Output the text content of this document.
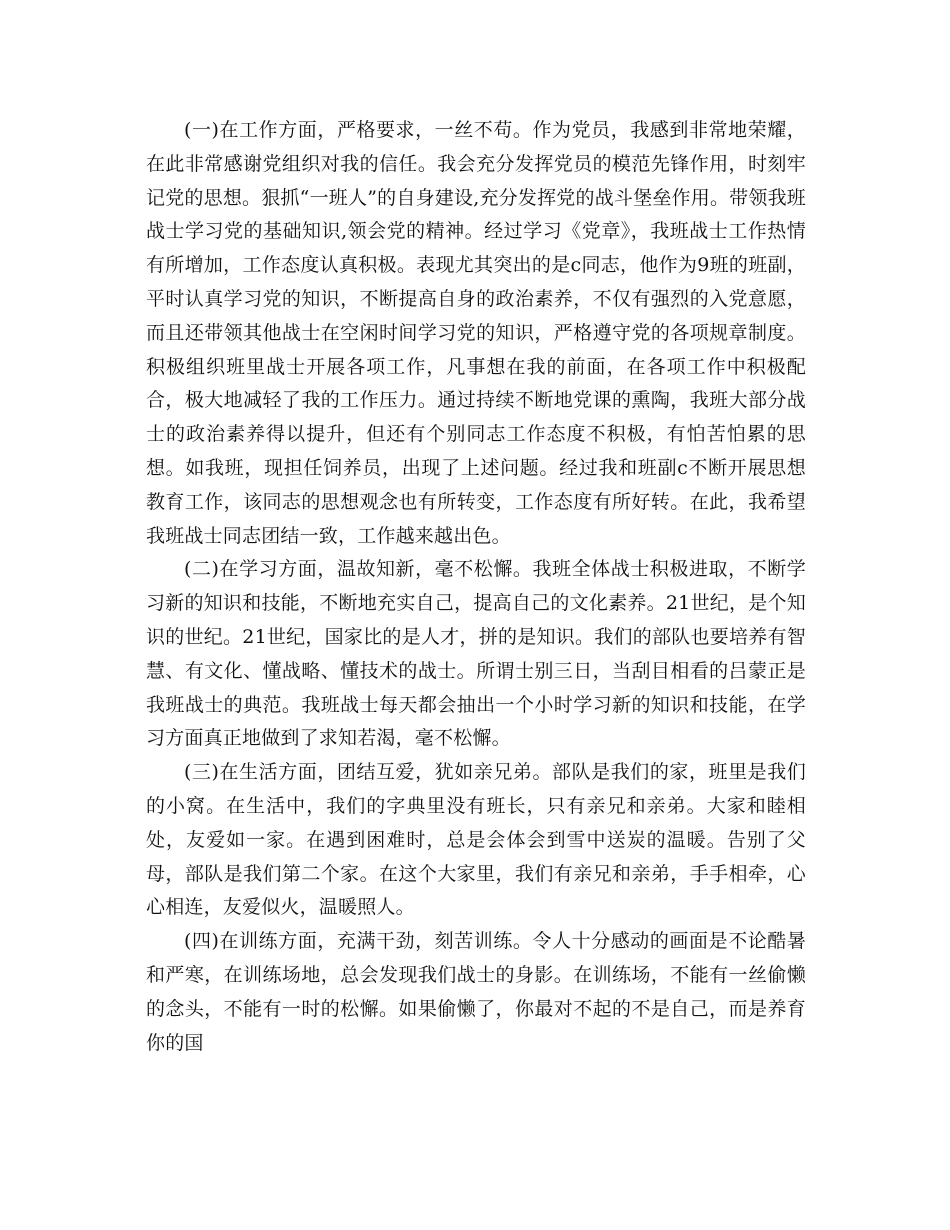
(一)在工作方面，严格要求，一丝不苟。作为党员，我感到非常地荣耀，在此非常感谢党组织对我的信任。我会充分发挥党员的模范先锋作用，时刻牢记党的思想。狠抓“一班人”的自身建设,充分发挥党的战斗堡垒作用。带领我班战士学习党的基础知识,领会党的精神。经过学习《党章》，我班战士工作热情有所增加，工作态度认真积极。表现尤其突出的是c同志，他作为9班的班副，平时认真学习党的知识，不断提高自身的政治素养，不仅有强烈的入党意愿，而且还带领其他战士在空闲时间学习党的知识，严格遵守党的各项规章制度。积极组织班里战士开展各项工作，凡事想在我的前面，在各项工作中积极配合，极大地减轻了我的工作压力。通过持续不断地党课的熏陶，我班大部分战士的政治素养得以提升，但还有个别同志工作态度不积极，有怕苦怕累的思想。如我班，现担任饲养员，出现了上述问题。经过我和班副c不断开展思想教育工作，该同志的思想观念也有所转变，工作态度有所好转。在此，我希望我班战士同志团结一致，工作越来越出色。

(二)在学习方面，温故知新，毫不松懈。我班全体战士积极进取，不断学习新的知识和技能，不断地充实自己，提高自己的文化素养。21世纪，是个知识的世纪。21世纪，国家比的是人才，拼的是知识。我们的部队也要培养有智慧、有文化、懂战略、懂技术的战士。所谓士别三日，当刮目相看的吕蒙正是我班战士的典范。我班战士每天都会抽出一个小时学习新的知识和技能，在学习方面真正地做到了求知若渴，毫不松懈。

(三)在生活方面，团结互爱，犹如亲兄弟。部队是我们的家，班里是我们的小窝。在生活中，我们的字典里没有班长，只有亲兄和亲弟。大家和睦相处，友爱如一家。在遇到困难时，总是会体会到雪中送炭的温暖。告别了父母，部队是我们第二个家。在这个大家里，我们有亲兄和亲弟，手手相牵，心心相连，友爱似火，温暖照人。

(四)在训练方面，充满干劲，刻苦训练。令人十分感动的画面是不论酷暑和严寒，在训练场地，总会发现我们战士的身影。在训练场，不能有一丝偷懒的念头，不能有一时的松懈。如果偷懒了，你最对不起的不是自己，而是养育你的国
